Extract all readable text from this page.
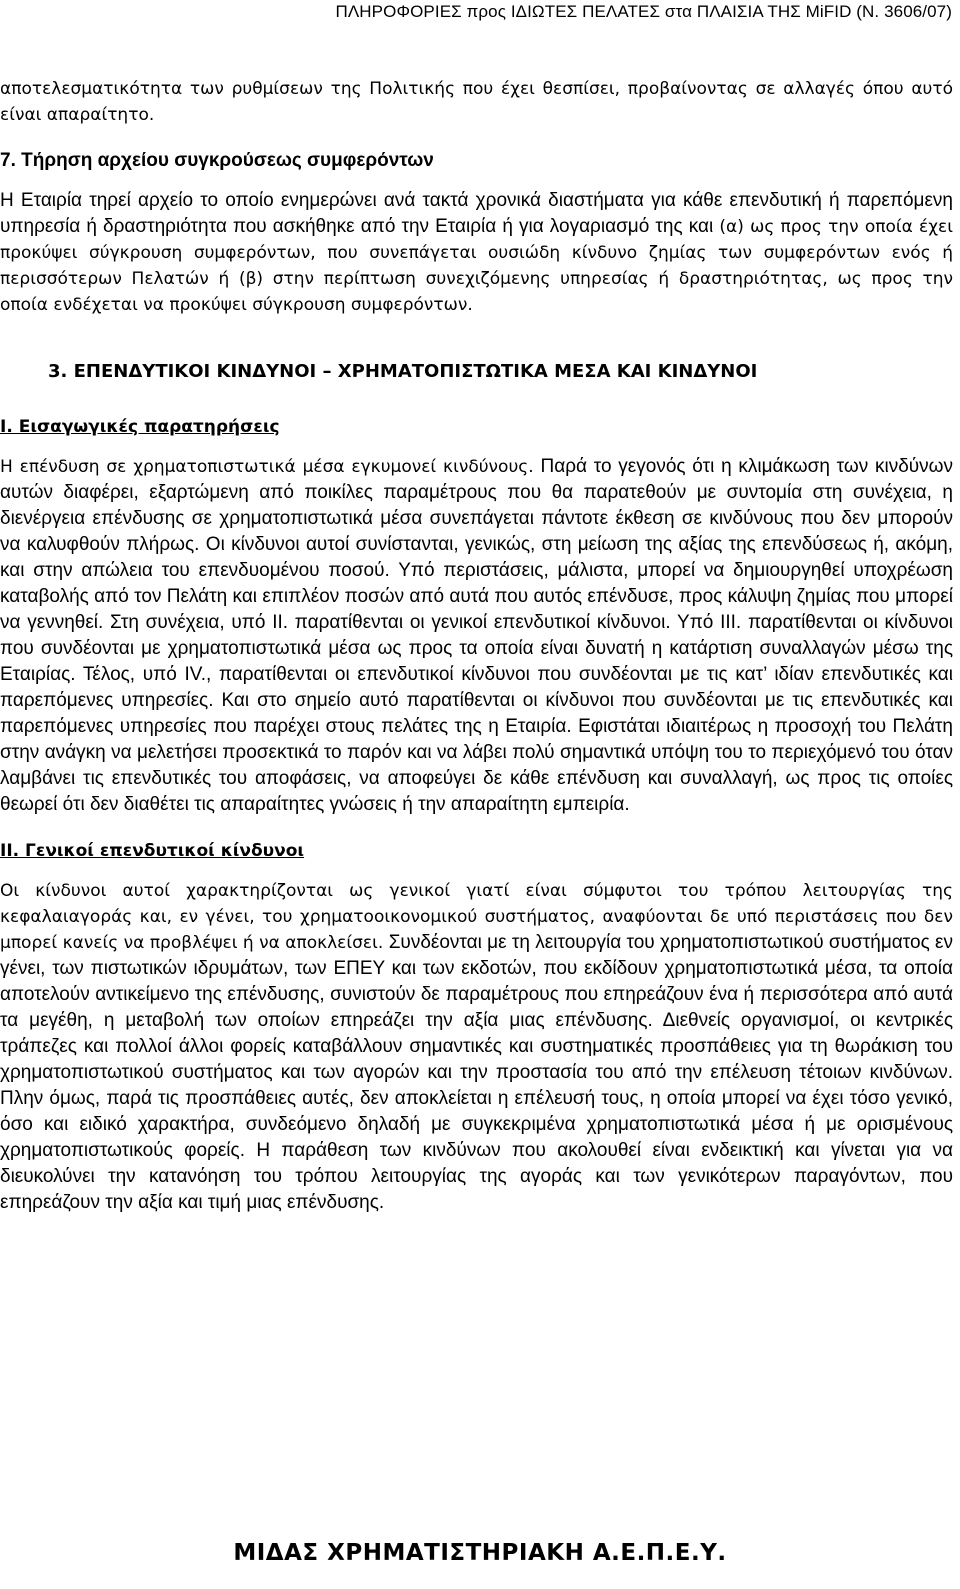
ΠΛΗΡΟΦΟΡΙΕΣ προς ΙΔΙΩΤΕΣ ΠΕΛΑΤΕΣ στα ΠΛΑΙΣΙΑ ΤΗΣ MiFID (Ν. 3606/07)

αποτελεσματικότητα των ρυθμίσεων της Πολιτικής που έχει θεσπίσει, προβαίνοντας σε αλλαγές όπου αυτό είναι απαραίτητο.

7. Τήρηση αρχείου συγκρούσεως συμφερόντων

Η Εταιρία τηρεί αρχείο το οποίο ενημερώνει ανά τακτά χρονικά διαστήματα για κάθε επενδυτική ή παρεπόμενη υπηρεσία ή δραστηριότητα που ασκήθηκε από την Εταιρία ή για λογαριασμό της και (α) ως προς την οποία έχει προκύψει σύγκρουση συμφερόντων, που συνεπάγεται ουσιώδη κίνδυνο ζημίας των συμφερόντων ενός ή περισσότερων Πελατών ή (β) στην περίπτωση συνεχιζόμενης υπηρεσίας ή δραστηριότητας, ως προς την οποία ενδέχεται να προκύψει σύγκρουση συμφερόντων.

3. ΕΠΕΝΔΥΤΙΚΟΙ ΚΙΝΔΥΝΟΙ – ΧΡΗΜΑΤΟΠΙΣΤΩΤΙΚΑ ΜΕΣΑ ΚΑΙ ΚΙΝΔΥΝΟΙ
I. Εισαγωγικές παρατηρήσεις

Η επένδυση σε χρηματοπιστωτικά μέσα εγκυμονεί κινδύνους. Παρά το γεγονός ότι η κλιμάκωση των κινδύνων αυτών διαφέρει, εξαρτώμενη από ποικίλες παραμέτρους που θα παρατεθούν με συντομία στη συνέχεια, η διενέργεια επένδυσης σε χρηματοπιστωτικά μέσα συνεπάγεται πάντοτε έκθεση σε κινδύνους που δεν μπορούν να καλυφθούν πλήρως. Οι κίνδυνοι αυτοί συνίστανται, γενικώς, στη μείωση της αξίας της επενδύσεως ή, ακόμη, και στην απώλεια του επενδυομένου ποσού. Υπό περιστάσεις, μάλιστα, μπορεί να δημιουργηθεί υποχρέωση καταβολής από τον Πελάτη και επιπλέον ποσών από αυτά που αυτός επένδυσε, προς κάλυψη ζημίας που μπορεί να γεννηθεί. Στη συνέχεια, υπό ΙΙ. παρατίθενται οι γενικοί επενδυτικοί κίνδυνοι. Υπό ΙΙΙ. παρατίθενται οι κίνδυνοι που συνδέονται με χρηματοπιστωτικά μέσα ως προς τα οποία είναι δυνατή η κατάρτιση συναλλαγών μέσω της Εταιρίας. Τέλος, υπό IV., παρατίθενται οι επενδυτικοί κίνδυνοι που συνδέονται με τις κατ’ ιδίαν επενδυτικές και παρεπόμενες υπηρεσίες. Και στο σημείο αυτό παρατίθενται οι κίνδυνοι που συνδέονται με τις επενδυτικές και παρεπόμενες υπηρεσίες που παρέχει στους πελάτες της η Εταιρία. Εφιστάται ιδιαιτέρως η προσοχή του Πελάτη στην ανάγκη να μελετήσει προσεκτικά το παρόν και να λάβει πολύ σημαντικά υπόψη του το περιεχόμενό του όταν λαμβάνει τις επενδυτικές του αποφάσεις, να αποφεύγει δε κάθε επένδυση και συναλλαγή, ως προς τις οποίες θεωρεί ότι δεν διαθέτει τις απαραίτητες γνώσεις ή την απαραίτητη εμπειρία.

II. Γενικοί επενδυτικοί κίνδυνοι

Οι κίνδυνοι αυτοί χαρακτηρίζονται ως γενικοί γιατί είναι σύμφυτοι του τρόπου λειτουργίας της κεφαλαιαγοράς και, εν γένει, του χρηματοοικονομικού συστήματος, αναφύονται δε υπό περιστάσεις που δεν μπορεί κανείς να προβλέψει ή να αποκλείσει. Συνδέονται με τη λειτουργία του χρηματοπιστωτικού συστήματος εν γένει, των πιστωτικών ιδρυμάτων, των ΕΠΕΥ και των εκδοτών, που εκδίδουν χρηματοπιστωτικά μέσα, τα οποία αποτελούν αντικείμενο της επένδυσης, συνιστούν δε παραμέτρους που επηρεάζουν ένα ή περισσότερα από αυτά τα μεγέθη, η μεταβολή των οποίων επηρεάζει την αξία μιας επένδυσης. Διεθνείς οργανισμοί, οι κεντρικές τράπεζες και πολλοί άλλοι φορείς καταβάλλουν σημαντικές και συστηματικές προσπάθειες για τη θωράκιση του χρηματοπιστωτικού συστήματος και των αγορών και την προστασία του από την επέλευση τέτοιων κινδύνων. Πλην όμως, παρά τις προσπάθειες αυτές, δεν αποκλείεται η επέλευσή τους, η οποία μπορεί να έχει τόσο γενικό, όσο και ειδικό χαρακτήρα, συνδεόμενο δηλαδή με συγκεκριμένα χρηματοπιστωτικά μέσα ή με ορισμένους χρηματοπιστωτικούς φορείς. Η παράθεση των κινδύνων που ακολουθεί είναι ενδεικτική και γίνεται για να διευκολύνει την κατανόηση του τρόπου λειτουργίας της αγοράς και των γενικότερων παραγόντων, που επηρεάζουν την αξία και τιμή μιας επένδυσης.

ΜΙΔΑΣ ΧΡΗΜΑΤΙΣΤΗΡΙΑΚΗ Α.Ε.Π.Ε.Υ.
